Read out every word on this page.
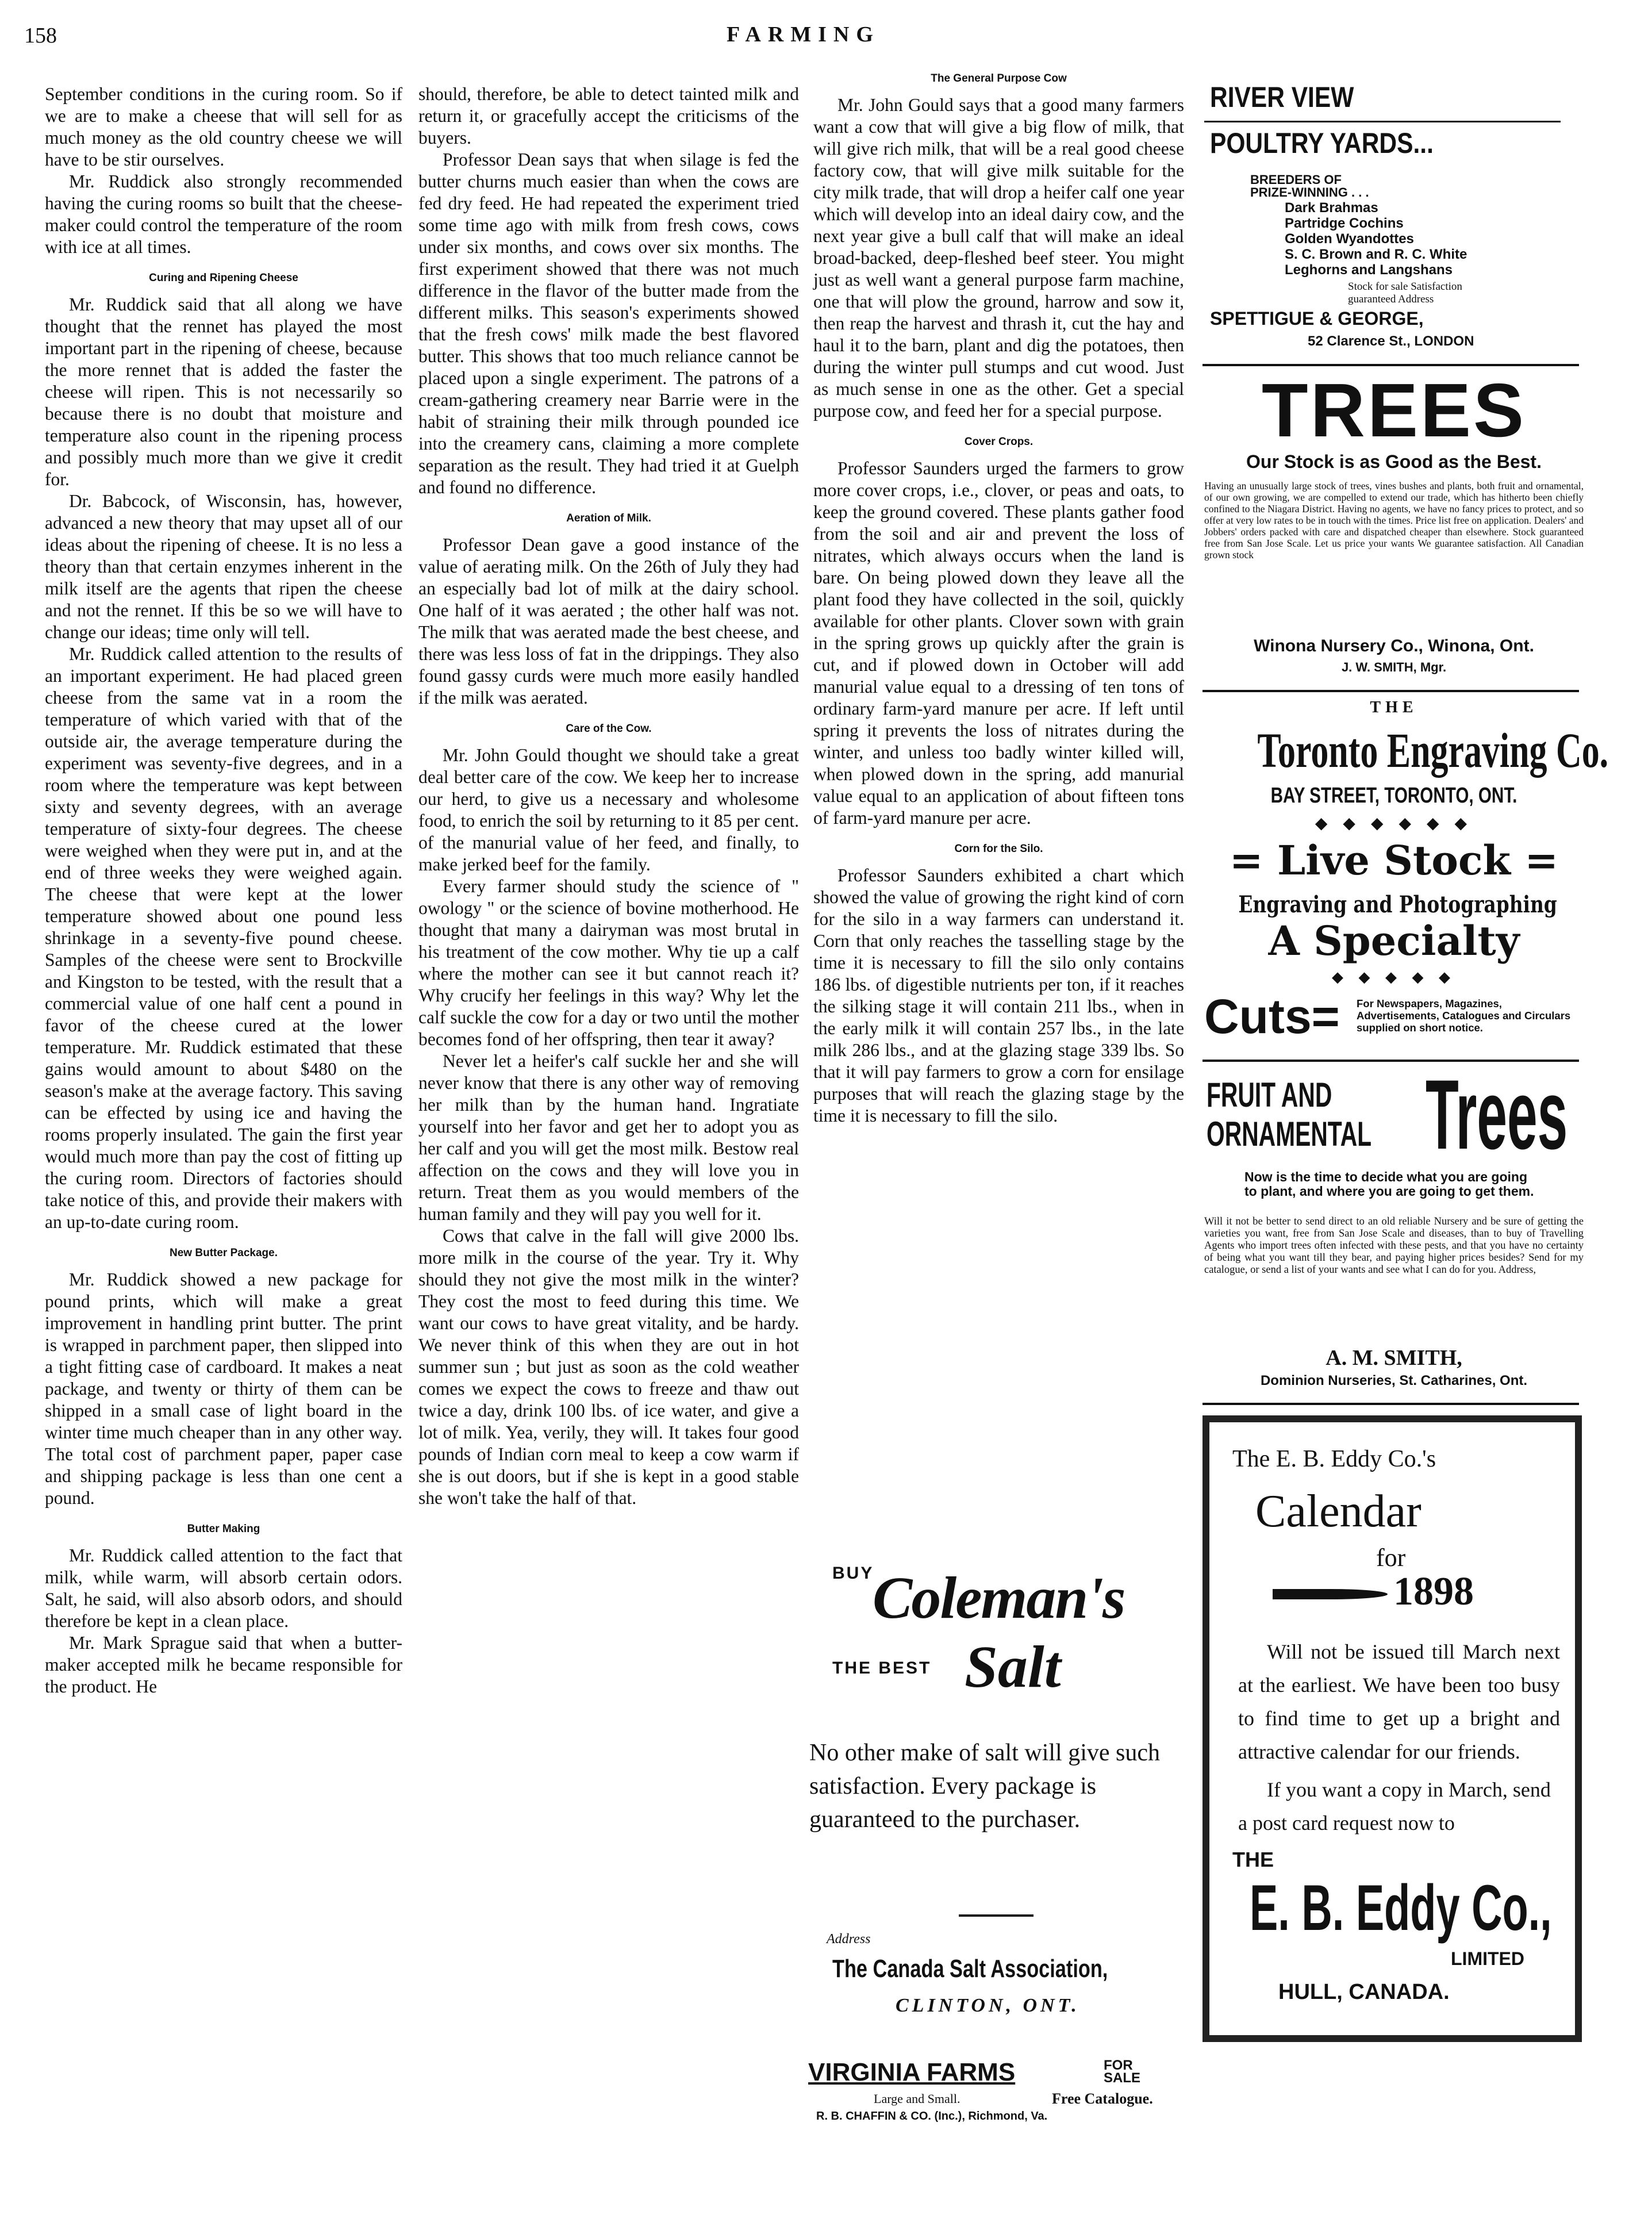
158	FARMING

September conditions in the curing room. So if we are to make a cheese that will sell for as much money as the old country cheese we will have to be stir ourselves.

Mr. Ruddick also strongly recommended having the curing rooms so built that the cheese-maker could control the temperature of the room with ice at all times.

Curing and Ripening Cheese

Mr. Ruddick said that all along we have thought that the rennet has played the most important part in the ripening of cheese, because the more rennet that is added the faster the cheese will ripen. This is not necessarily so because there is no doubt that moisture and temperature also count in the ripening process and possibly much more than we give it credit for.

Dr. Babcock, of Wisconsin, has, however, advanced a new theory that may upset all of our ideas about the ripening of cheese. It is no less a theory than that certain enzymes inherent in the milk itself are the agents that ripen the cheese and not the rennet. If this be so we will have to change our ideas; time only will tell.

Mr. Ruddick called attention to the results of an important experiment. He had placed green cheese from the same vat in a room the temperature of which varied with that of the outside air, the average temperature during the experiment was seventy-five degrees, and in a room where the temperature was kept between sixty and seventy degrees, with an average temperature of sixty-four degrees. The cheese were weighed when they were put in, and at the end of three weeks they were weighed again. The cheese that were kept at the lower temperature showed about one pound less shrinkage in a seventy-five pound cheese. Samples of the cheese were sent to Brockville and Kingston to be tested, with the result that a commercial value of one half cent a pound in favor of the cheese cured at the lower temperature. Mr. Ruddick estimated that these gains would amount to about $480 on the season's make at the average factory. This saving can be effected by using ice and having the rooms properly insulated. The gain the first year would much more than pay the cost of fitting up the curing room. Directors of factories should take notice of this, and provide their makers with an up-to-date curing room.

New Butter Package.

Mr. Ruddick showed a new package for pound prints, which will make a great improvement in handling print butter. The print is wrapped in parchment paper, then slipped into a tight fitting case of cardboard. It makes a neat package, and twenty or thirty of them can be shipped in a small case of light board in the winter time much cheaper than in any other way. The total cost of parchment paper, paper case and shipping package is less than one cent a pound.

Butter Making

Mr. Ruddick called attention to the fact that milk, while warm, will absorb certain odors. Salt, he said, will also absorb odors, and should therefore be kept in a clean place.

Mr. Mark Sprague said that when a butter-maker accepted milk he became responsible for the product. He

should, therefore, be able to detect tainted milk and return it, or gracefully accept the criticisms of the buyers.

Professor Dean says that when silage is fed the butter churns much easier than when the cows are fed dry feed. He had repeated the experiment tried some time ago with milk from fresh cows, cows under six months, and cows over six months. The first experiment showed that there was not much difference in the flavor of the butter made from the different milks. This season's experiments showed that the fresh cows' milk made the best flavored butter. This shows that too much reliance cannot be placed upon a single experiment. The patrons of a cream-gathering creamery near Barrie were in the habit of straining their milk through pounded ice into the creamery cans, claiming a more complete separation as the result. They had tried it at Guelph and found no difference.

Aeration of Milk.

Professor Dean gave a good instance of the value of aerating milk. On the 26th of July they had an especially bad lot of milk at the dairy school. One half of it was aerated ; the other half was not. The milk that was aerated made the best cheese, and there was less loss of fat in the drippings. They also found gassy curds were much more easily handled if the milk was aerated.

Care of the Cow.

Mr. John Gould thought we should take a great deal better care of the cow. We keep her to increase our herd, to give us a necessary and wholesome food, to enrich the soil by returning to it 85 per cent. of the manurial value of her feed, and finally, to make jerked beef for the family.

Every farmer should study the science of " owology " or the science of bovine motherhood. He thought that many a dairyman was most brutal in his treatment of the cow mother. Why tie up a calf where the mother can see it but cannot reach it? Why crucify her feelings in this way? Why let the calf suckle the cow for a day or two until the mother becomes fond of her offspring, then tear it away?

Never let a heifer's calf suckle her and she will never know that there is any other way of removing her milk than by the human hand. Ingratiate yourself into her favor and get her to adopt you as her calf and you will get the most milk. Bestow real affection on the cows and they will love you in return. Treat them as you would members of the human family and they will pay you well for it.

Cows that calve in the fall will give 2000 lbs. more milk in the course of the year. Try it. Why should they not give the most milk in the winter? They cost the most to feed during this time. We want our cows to have great vitality, and be hardy. We never think of this when they are out in hot summer sun ; but just as soon as the cold weather comes we expect the cows to freeze and thaw out twice a day, drink 100 lbs. of ice water, and give a lot of milk. Yea, verily, they will. It takes four good pounds of Indian corn meal to keep a cow warm if she is out doors, but if she is kept in a good stable she won't take the half of that.

The General Purpose Cow

Mr. John Gould says that a good many farmers want a cow that will give a big flow of milk, that will give rich milk, that will be a real good cheese factory cow, that will give milk suitable for the city milk trade, that will drop a heifer calf one year which will develop into an ideal dairy cow, and the next year give a bull calf that will make an ideal broad-backed, deep-fleshed beef steer. You might just as well want a general purpose farm machine, one that will plow the ground, harrow and sow it, then reap the harvest and thrash it, cut the hay and haul it to the barn, plant and dig the potatoes, then during the winter pull stumps and cut wood. Just as much sense in one as the other. Get a special purpose cow, and feed her for a special purpose.

Cover Crops.

Professor Saunders urged the farmers to grow more cover crops, i.e., clover, or peas and oats, to keep the ground covered. These plants gather food from the soil and air and prevent the loss of nitrates, which always occurs when the land is bare. On being plowed down they leave all the plant food they have collected in the soil, quickly available for other plants. Clover sown with grain in the spring grows up quickly after the grain is cut, and if plowed down in October will add manurial value equal to a dressing of ten tons of ordinary farm-yard manure per acre. If left until spring it prevents the loss of nitrates during the winter, and unless too badly winter killed will, when plowed down in the spring, add manurial value equal to an application of about fifteen tons of farm-yard manure per acre.

Corn for the Silo.

Professor Saunders exhibited a chart which showed the value of growing the right kind of corn for the silo in a way farmers can understand it. Corn that only reaches the tasselling stage by the time it is necessary to fill the silo only contains 186 lbs. of digestible nutrients per ton, if it reaches the silking stage it will contain 211 lbs., when in the early milk it will contain 257 lbs., in the late milk 286 lbs., and at the glazing stage 339 lbs. So that it will pay farmers to grow a corn for ensilage purposes that will reach the glazing stage by the time it is necessary to fill the silo.

BUY
Coleman's
THE BEST Salt
No other make of salt will give such satisfaction. Every package is guaranteed to the purchaser.
Address
The Canada Salt Association,
CLINTON, ONT.
VIRGINIA FARMS	FOR SALE
Large and Small.	Free Catalogue.
R. B. CHAFFIN & CO. (Inc.), Richmond, Va.
RIVER VIEW
POULTRY YARDS...
BREEDERS OF
PRIZE-WINNING . . .
Dark Brahmas
Partridge Cochins
Golden Wyandottes
S. C. Brown and R. C. White
Leghorns and Langshans
Stock for sale Satisfaction
guaranteed Address
SPETTIGUE & GEORGE,
52 Clarence St., LONDON
TREES
Our Stock is as Good as the Best.
Having an unusually large stock of trees, vines bushes and plants, both fruit and ornamental, of our own growing, we are compelled to extend our trade, which has hitherto been chiefly confined to the Niagara District. Having no agents, we have no fancy prices to protect, and so offer at very low rates to be in touch with the times. Price list free on application. Dealers' and Jobbers' orders packed with care and dispatched cheaper than elsewhere. Stock guaranteed free from San Jose Scale. Let us price your wants We guarantee satisfaction. All Canadian grown stock
Winona Nursery Co., Winona, Ont.
J. W. SMITH, Mgr.
THE
Toronto Engraving Co.
BAY STREET, TORONTO, ONT.
◆ ◆ ◆ ◆ ◆ ◆
= Live Stock =
Engraving and Photographing
A Specialty
◆ ◆ ◆ ◆ ◆
Cuts= For Newspapers, Magazines, Advertisements, Catalogues and Circulars supplied on short notice.
FRUIT AND
ORNAMENTAL Trees
Now is the time to decide what you are going to plant, and where you are going to get them.
Will it not be better to send direct to an old reliable Nursery and be sure of getting the varieties you want, free from San Jose Scale and diseases, than to buy of Travelling Agents who import trees often infected with these pests, and that you have no certainty of being what you want till they bear, and paying higher prices besides? Send for my catalogue, or send a list of your wants and see what I can do for you. Address,
A. M. SMITH,
Dominion Nurseries, St. Catharines, Ont.
The E. B. Eddy Co.'s
Calendar
for
1898
Will not be issued till March next at the earliest. We have been too busy to find time to get up a bright and attractive calendar for our friends.
If you want a copy in March, send a post card request now to
THE
E. B. Eddy Co.,
LIMITED
HULL, CANADA.
